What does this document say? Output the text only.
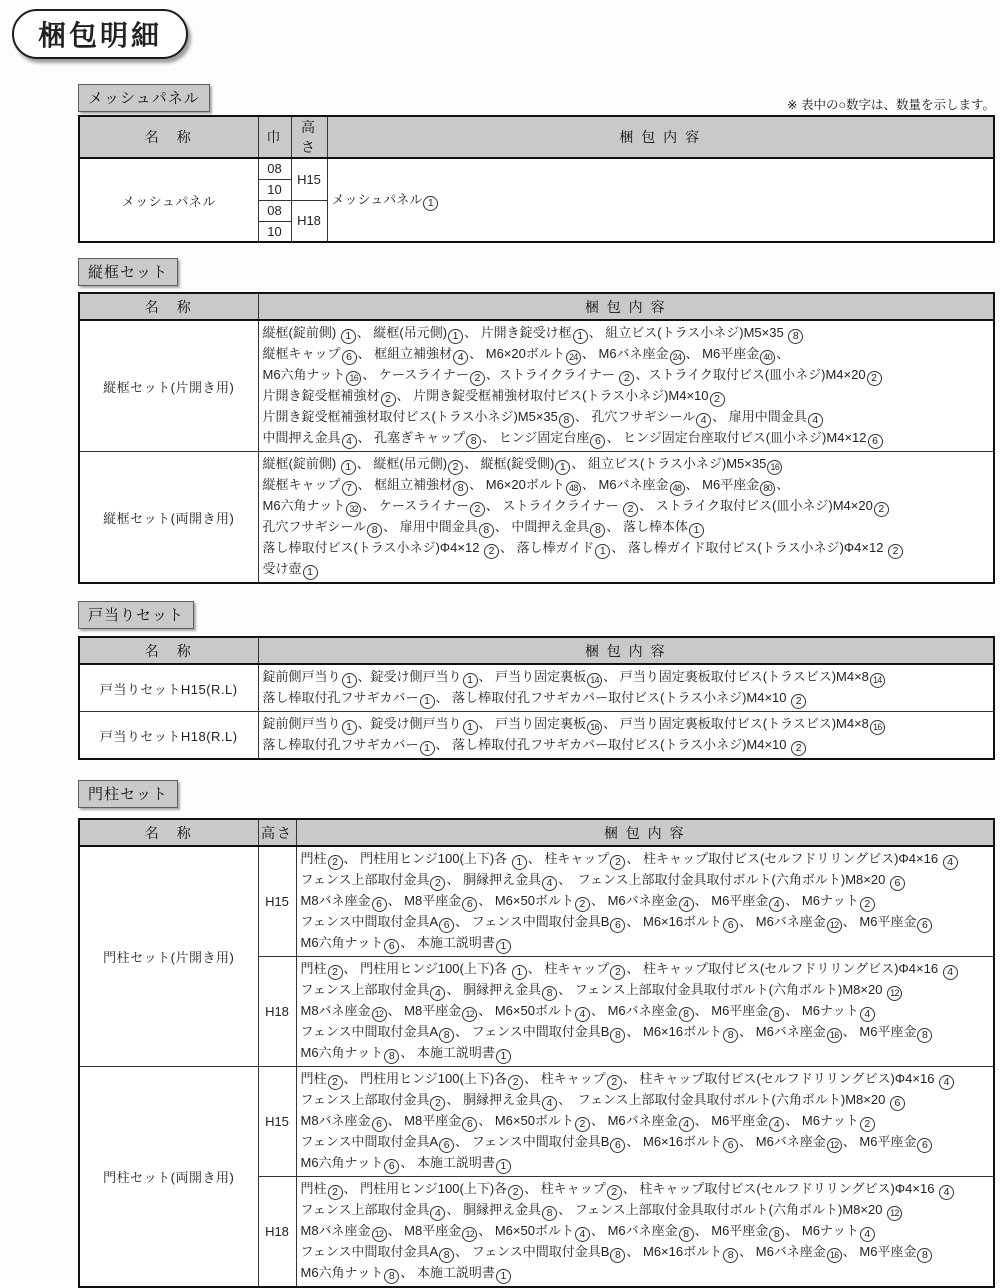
梱包明細
メッシュパネル	※ 表中の○数字は、数量を示します。
名　称	巾	高さ	梱 包 内 容
メッシュパネル	08	H15	メッシュパネル 1
	10		
	08	H18	
	10		
縦框セット
名　称	梱 包 内 容
縦框セット(片開き用)	
縦框(錠前側) 1 、 縦框(吊元側) 1 、 片開き錠受け框 1 、 組立ビス(トラス小ネジ)M5×35 8
縦框キャップ 6 、 框組立補強材 4 、 M6×20ボルト 24 、 M6バネ座金 24 、 M6平座金 40 、
M6六角ナット 16 、 ケースライナー 2 、ストライクライナー 2 、ストライク取付ビス(皿小ネジ)M4×20 2
片開き錠受框補強材 2 、 片開き錠受框補強材取付ビス(トラス小ネジ)M4×10 2
片開き錠受框補強材取付ビス(トラス小ネジ)M5×35 8 、 孔穴フサギシール 4 、 扉用中間金具 4
中間押え金具 4 、 孔塞ぎキャップ 8 、 ヒンジ固定台座 6 、 ヒンジ固定台座取付ビス(皿小ネジ)M4×12 6

縦框セット(両開き用)	
縦框(錠前側) 1 、 縦框(吊元側) 2 、 縦框(錠受側) 1 、 組立ビス(トラス小ネジ)M5×35 16
縦框キャップ 7 、 框組立補強材 8 、 M6×20ボルト 48 、 M6バネ座金 48 、 M6平座金 80 、
M6六角ナット 32 、 ケースライナー 2 、 ストライクライナー 2 、 ストライク取付ビス(皿小ネジ)M4×20 2
孔穴フサギシール 8 、 扉用中間金具 8 、 中間押え金具 8 、 落し棒本体 1
落し棒取付ビス(トラス小ネジ)Φ4×12 2 、 落し棒ガイド 1 、 落し棒ガイド取付ビス(トラス小ネジ)Φ4×12 2
受け壺 1
戸当りセット
名　称	梱 包 内 容
戸当りセットH15(R.L)	錠前側戸当り 1 、錠受け側戸当り 1 、 戸当り固定裏板 14 、 戸当り固定裏板取付ビス(トラスビス)M4×8 14
落し棒取付孔フサギカバー 1 、 落し棒取付孔フサギカバー取付ビス(トラス小ネジ)M4×10 2

戸当りセットH18(R.L)	錠前側戸当り 1 、錠受け側戸当り 1 、 戸当り固定裏板 16 、 戸当り固定裏板取付ビス(トラスビス)M4×8 16
落し棒取付孔フサギカバー 1 、 落し棒取付孔フサギカバー取付ビス(トラス小ネジ)M4×10 2
門柱セット
名　称	高さ	梱 包 内 容
門柱セット(片開き用)	H15	門柱 2 、 門柱用ヒンジ100(上下)各 1 、 柱キャップ 2 、 柱キャップ取付ビス(セルフドリリングビス)Φ4×16 4
フェンス上部取付金具 2 、 胴縁押え金具 4 、　フェンス上部取付金具取付ボルト(六角ボルト)M8×20 6
M8バネ座金 6 、 M8平座金 6 、 M6×50ボルト 2 、 M6バネ座金 4 、 M6平座金 4 、 M6ナット 2
フェンス中間取付金具A 6 、 フェンス中間取付金具B 6 、 M6×16ボルト 6 、 M6バネ座金 12 、 M6平座金 6
M6六角ナット 6 、 本施工説明書 1

	H18	門柱 2 、 門柱用ヒンジ100(上下)各 1 、 柱キャップ 2 、 柱キャップ取付ビス(セルフドリリングビス)Φ4×16 4
フェンス上部取付金具 4 、 胴縁押え金具 8 、 フェンス上部取付金具取付ボルト(六角ボルト)M8×20 12
M8バネ座金 12 、 M8平座金 12 、 M6×50ボルト 4 、 M6バネ座金 8 、 M6平座金 8 、 M6ナット 4
フェンス中間取付金具A 8 、 フェンス中間取付金具B 8 、 M6×16ボルト 8 、 M6バネ座金 16 、 M6平座金 8
M6六角ナット 8 、 本施工説明書 1

門柱セット(両開き用)	H15	門柱 2 、 門柱用ヒンジ100(上下)各 2 、 柱キャップ 2 、 柱キャップ取付ビス(セルフドリリングビス)Φ4×16 4
フェンス上部取付金具 2 、 胴縁押え金具 4 、　フェンス上部取付金具取付ボルト(六角ボルト)M8×20 6
M8バネ座金 6 、 M8平座金 6 、 M6×50ボルト 2 、 M6バネ座金 4 、 M6平座金 4 、 M6ナット 2
フェンス中間取付金具A 6 、 フェンス中間取付金具B 6 、 M6×16ボルト 6 、 M6バネ座金 12 、 M6平座金 6
M6六角ナット 6 、 本施工説明書 1

	H18	門柱 2 、 門柱用ヒンジ100(上下)各 2 、 柱キャップ 2 、 柱キャップ取付ビス(セルフドリリングビス)Φ4×16 4
フェンス上部取付金具 4 、 胴縁押え金具 8 、 フェンス上部取付金具取付ボルト(六角ボルト)M8×20 12
M8バネ座金 12 、 M8平座金 12 、 M6×50ボルト 4 、 M6バネ座金 8 、 M6平座金 8 、 M6ナット 4
フェンス中間取付金具A 8 、 フェンス中間取付金具B 8 、 M6×16ボルト 8 、 M6バネ座金 16 、 M6平座金 8
M6六角ナット 8 、 本施工説明書 1
